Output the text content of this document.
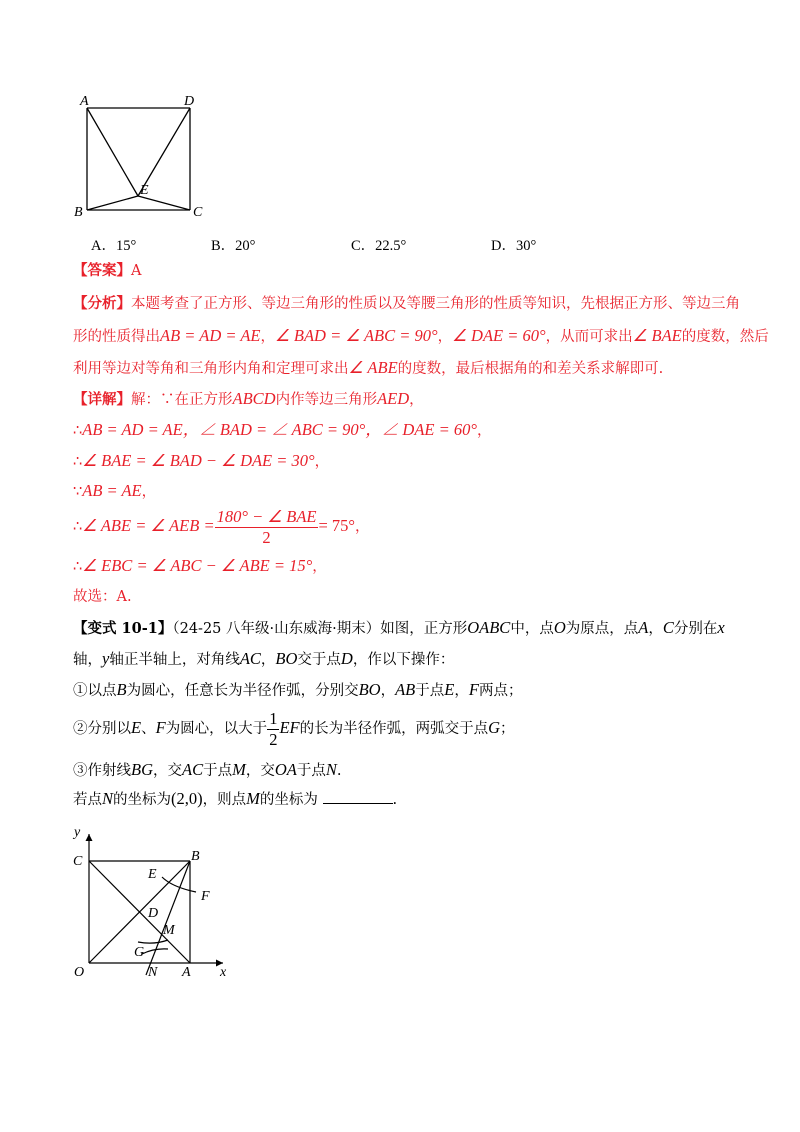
A	D
E
B	C
A．15°	B．20°	C．22.5°	D．30°
【答案】A
【分析】本题考查了正方形、等边三角形的性质以及等腰三角形的性质等知识，先根据正方形、等边三角
形的性质得出AB = AD = AE，∠ BAD = ∠ ABC = 90°，∠ DAE = 60°，从而可求出∠ BAE的度数，然后
利用等边对等角和三角形内角和定理可求出∠ ABE的度数，最后根据角的和差关系求解即可.
【详解】解：∵在正方形ABCD内作等边三角形AED，
∴AB = AD = AE，∠ BAD = ∠ ABC = 90°，∠ DAE = 60°，
∴∠ BAE = ∠ BAD − ∠ DAE = 30°，
∵AB = AE，
∴∠ ABE = ∠ AEB = $\frac{\text{180° − ∠ BAE}}{2} = 75^\circ$，
∴∠ EBC = ∠ ABC − ∠ ABE = 15°，
故选：A.
【变式 10-1】（24-25 八年级·山东威海·期末）如图，正方形OABC中，点O为原点，点A，C分别在x
轴，y轴正半轴上，对角线AC，BO交于点D，作以下操作：
①以点B为圆心，任意长为半径作弧，分别交BO，AB于点E，F两点；
②分别以E、F为圆心，以大于 $\frac{1}{2}$ EF的长为半径作弧，两弧交于点G；
③作射线BG，交AC于点M，交OA于点N.
若点N的坐标为(2,0)，则点M的坐标为	.
y
C	B
E
F
D
M
G
O	N A x
